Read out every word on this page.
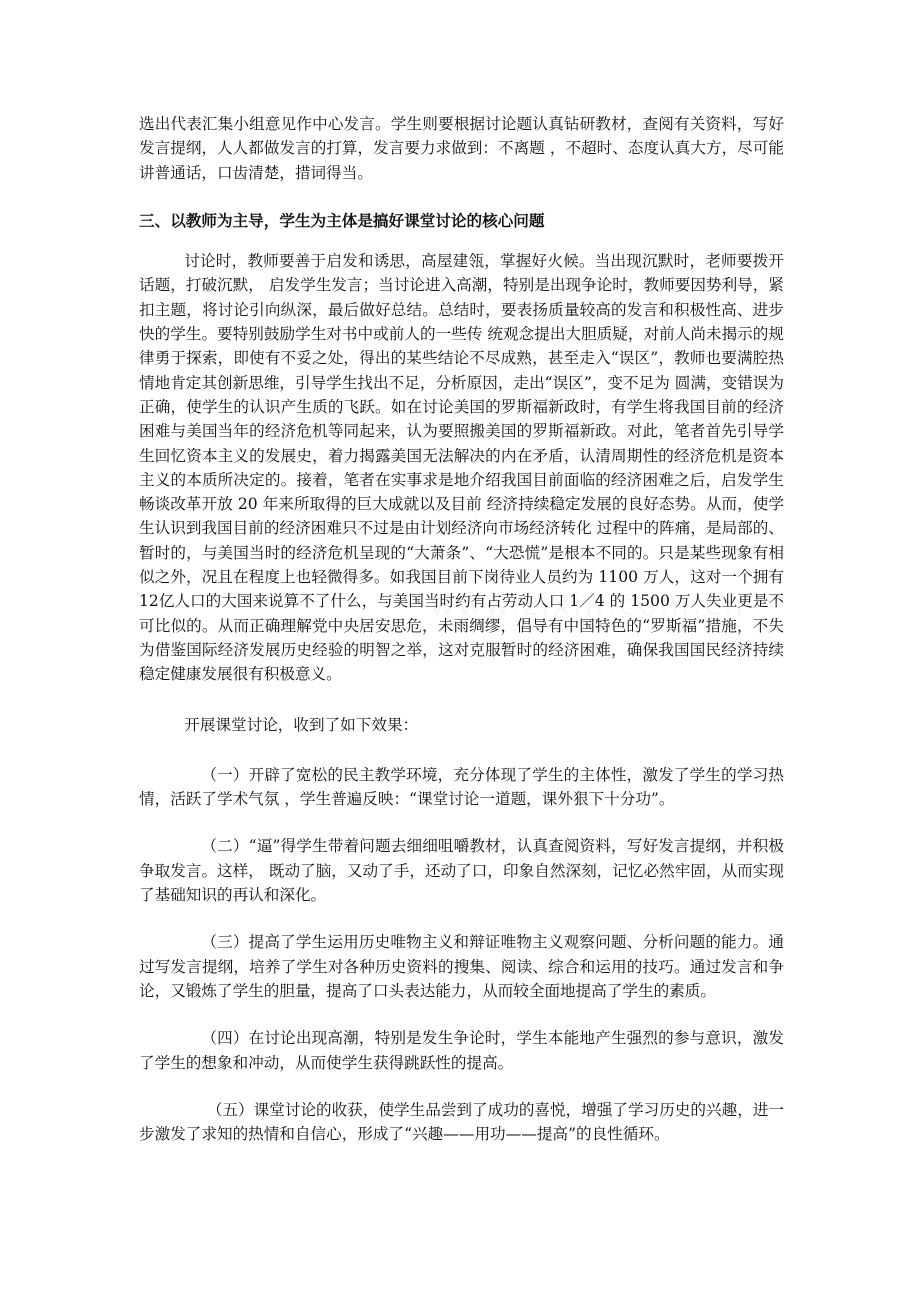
选出代表汇集小组意见作中心发言。学生则要根据讨论题认真钻研教材，查阅有关资料，写好发言提纲，人人都做发言的打算，发言要力求做到：不离题 ，不超时、态度认真大方，尽可能讲普通话，口齿清楚，措词得当。

三、以教师为主导，学生为主体是搞好课堂讨论的核心问题

讨论时，教师要善于启发和诱思，高屋建瓴，掌握好火候。当出现沉默时，老师要拨开话题，打破沉默， 启发学生发言；当讨论进入高潮，特别是出现争论时，教师要因势利导，紧扣主题，将讨论引向纵深，最后做好总结。总结时，要表扬质量较高的发言和积极性高、进步快的学生。要特别鼓励学生对书中或前人的一些传 统观念提出大胆质疑，对前人尚未揭示的规律勇于探索，即使有不妥之处，得出的某些结论不尽成熟，甚至走入“误区”，教师也要满腔热情地肯定其创新思维，引导学生找出不足，分析原因，走出“误区”，变不足为 圆满，变错误为正确，使学生的认识产生质的飞跃。如在讨论美国的罗斯福新政时，有学生将我国目前的经济 困难与美国当年的经济危机等同起来，认为要照搬美国的罗斯福新政。对此，笔者首先引导学生回忆资本主义的发展史，着力揭露美国无法解决的内在矛盾，认清周期性的经济危机是资本主义的本质所决定的。接着，笔者在实事求是地介绍我国目前面临的经济困难之后，启发学生畅谈改革开放 20 年来所取得的巨大成就以及目前 经济持续稳定发展的良好态势。从而，使学生认识到我国目前的经济困难只不过是由计划经济向市场经济转化 过程中的阵痛，是局部的、暂时的，与美国当时的经济危机呈现的“大萧条”、“大恐慌”是根本不同的。只是某些现象有相似之外，况且在程度上也轻微得多。如我国目前下岗待业人员约为 1100 万人，这对一个拥有 12亿人口的大国来说算不了什么，与美国当时约有占劳动人口 1／4 的 1500 万人失业更是不可比似的。从而正确理解党中央居安思危，未雨绸缪，倡导有中国特色的“罗斯福”措施，不失为借鉴国际经济发展历史经验的明智之举，这对克服暂时的经济困难，确保我国国民经济持续稳定健康发展很有积极意义。

开展课堂讨论，收到了如下效果：

（一）开辟了宽松的民主教学环境，充分体现了学生的主体性，激发了学生的学习热情，活跃了学术气氛 ，学生普遍反映：“课堂讨论一道题，课外狠下十分功”。

（二）“逼”得学生带着问题去细细咀嚼教材，认真查阅资料，写好发言提纲，并积极争取发言。这样， 既动了脑，又动了手，还动了口，印象自然深刻，记忆必然牢固，从而实现了基础知识的再认和深化。

（三）提高了学生运用历史唯物主义和辩证唯物主义观察问题、分析问题的能力。通过写发言提纲，培养了学生对各种历史资料的搜集、阅读、综合和运用的技巧。通过发言和争论，又锻炼了学生的胆量，提高了口头表达能力，从而较全面地提高了学生的素质。

（四）在讨论出现高潮，特别是发生争论时，学生本能地产生强烈的参与意识，激发了学生的想象和冲动，从而使学生获得跳跃性的提高。

（五）课堂讨论的收获，使学生品尝到了成功的喜悦，增强了学习历史的兴趣，进一步激发了求知的热情和自信心，形成了“兴趣——用功——提高”的良性循环。
